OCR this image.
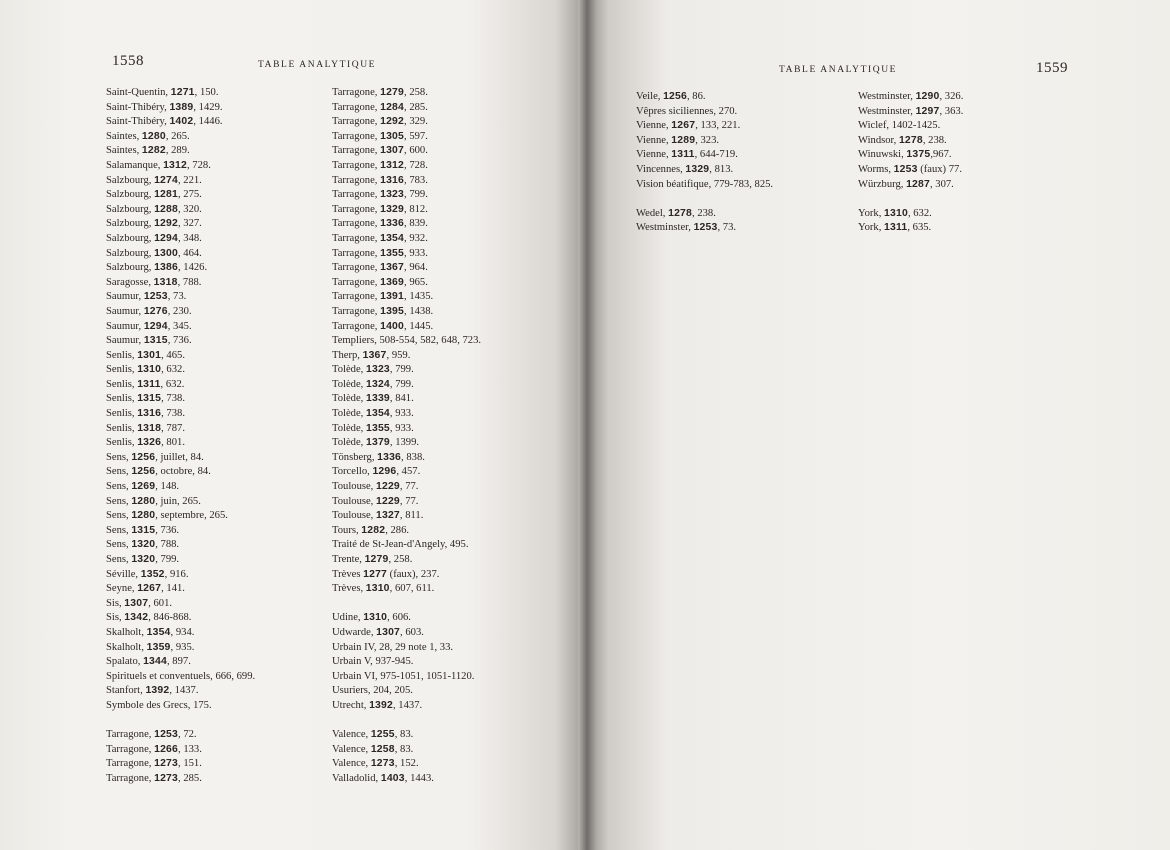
1558	TABLE ANALYTIQUE
Saint-Quentin, 1271, 150.
Saint-Thibéry, 1389, 1429.
Saint-Thibéry, 1402, 1446.
Saintes, 1280, 265.
Saintes, 1282, 289.
Salamanque, 1312, 728.
Salzbourg, 1274, 221.
Salzbourg, 1281, 275.
Salzbourg, 1288, 320.
Salzbourg, 1292, 327.
Salzbourg, 1294, 348.
Salzbourg, 1300, 464.
Salzbourg, 1386, 1426.
Saragosse, 1318, 788.
Saumur, 1253, 73.
Saumur, 1276, 230.
Saumur, 1294, 345.
Saumur, 1315, 736.
Senlis, 1301, 465.
Senlis, 1310, 632.
Senlis, 1311, 632.
Senlis, 1315, 738.
Senlis, 1316, 738.
Senlis, 1318, 787.
Senlis, 1326, 801.
Sens, 1256, juillet, 84.
Sens, 1256, octobre, 84.
Sens, 1269, 148.
Sens, 1280, juin, 265.
Sens, 1280, septembre, 265.
Sens, 1315, 736.
Sens, 1320, 788.
Sens, 1320, 799.
Séville, 1352, 916.
Seyne, 1267, 141.
Sis, 1307, 601.
Sis, 1342, 846-868.
Skalholt, 1354, 934.
Skalholt, 1359, 935.
Spalato, 1344, 897.
Spirituels et conventuels, 666, 699.
Stanfort, 1392, 1437.
Symbole des Grecs, 175.
Tarragone, 1253, 72.
Tarragone, 1266, 133.
Tarragone, 1273, 151.
Tarragone, 1273, 285.
Tarragone, 1279, 258.
Tarragone, 1284, 285.
Tarragone, 1292, 329.
Tarragone, 1305, 597.
Tarragone, 1307, 600.
Tarragone, 1312, 728.
Tarragone, 1316, 783.
Tarragone, 1323, 799.
Tarragone, 1329, 812.
Tarragone, 1336, 839.
Tarragone, 1354, 932.
Tarragone, 1355, 933.
Tarragone, 1367, 964.
Tarragone, 1369, 965.
Tarragone, 1391, 1435.
Tarragone, 1395, 1438.
Tarragone, 1400, 1445.
Templiers, 508-554, 582, 648, 723.
Therp, 1367, 959.
Tolède, 1323, 799.
Tolède, 1324, 799.
Tolède, 1339, 841.
Tolède, 1354, 933.
Tolède, 1355, 933.
Tolède, 1379, 1399.
Tönsberg, 1336, 838.
Torcello, 1296, 457.
Toulouse, 1229, 77.
Toulouse, 1229, 77.
Toulouse, 1327, 811.
Tours, 1282, 286.
Traité de St-Jean-d'Angely, 495.
Trente, 1279, 258.
Trèves 1277 (faux), 237.
Trèves, 1310, 607, 611.
Udine, 1310, 606.
Udwarde, 1307, 603.
Urbain IV, 28, 29 note 1, 33.
Urbain V, 937-945.
Urbain VI, 975-1051, 1051-1120.
Usuriers, 204, 205.
Utrecht, 1392, 1437.
Valence, 1255, 83.
Valence, 1258, 83.
Valence, 1273, 152.
Valladolid, 1403, 1443.
TABLE ANALYTIQUE	1559
Veile, 1256, 86.
Vêpres siciliennes, 270.
Vienne, 1267, 133, 221.
Vienne, 1289, 323.
Vienne, 1311, 644-719.
Vincennes, 1329, 813.
Vision béatifique, 779-783, 825.
Wedel, 1278, 238.
Westminster, 1253, 73.
Westminster, 1290, 326.
Westminster, 1297, 363.
Wiclef, 1402-1425.
Windsor, 1278, 238.
Winuwski, 1375,967.
Worms, 1253 (faux) 77.
Würzburg, 1287, 307.
York, 1310, 632.
York, 1311, 635.
